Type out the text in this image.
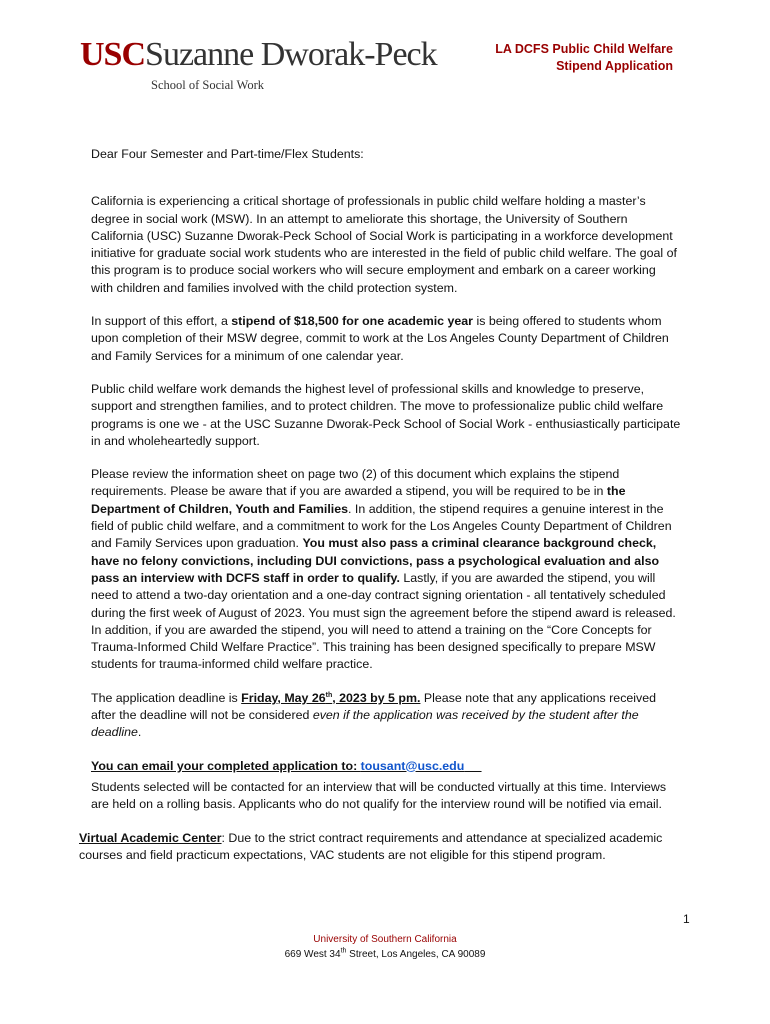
USCSuzanne Dworak-Peck
School of Social Work
LA DCFS Public Child Welfare
Stipend Application

Dear Four Semester and Part-time/Flex Students:

California is experiencing a critical shortage of professionals in public child welfare holding a master’s degree in social work (MSW). In an attempt to ameliorate this shortage, the University of Southern California (USC) Suzanne Dworak-Peck School of Social Work is participating in a workforce development initiative for graduate social work students who are interested in the field of public child welfare. The goal of this program is to produce social workers who will secure employment and embark on a career working with children and families involved with the child protection system.

In support of this effort, a stipend of $18,500 for one academic year is being offered to students whom upon completion of their MSW degree, commit to work at the Los Angeles County Department of Children and Family Services for a minimum of one calendar year.

Public child welfare work demands the highest level of professional skills and knowledge to preserve, support and strengthen families, and to protect children. The move to professionalize public child welfare programs is one we - at the USC Suzanne Dworak-Peck School of Social Work - enthusiastically participate in and wholeheartedly support.

Please review the information sheet on page two (2) of this document which explains the stipend requirements. Please be aware that if you are awarded a stipend, you will be required to be in the Department of Children, Youth and Families. In addition, the stipend requires a genuine interest in the field of public child welfare, and a commitment to work for the Los Angeles County Department of Children and Family Services upon graduation. You must also pass a criminal clearance background check, have no felony convictions, including DUI convictions, pass a psychological evaluation and also pass an interview with DCFS staff in order to qualify. Lastly, if you are awarded the stipend, you will need to attend a two-day orientation and a one-day contract signing orientation - all tentatively scheduled during the first week of August of 2023. You must sign the agreement before the stipend award is released. In addition, if you are awarded the stipend, you will need to attend a training on the “Core Concepts for Trauma-Informed Child Welfare Practice”. This training has been designed specifically to prepare MSW students for trauma-informed child welfare practice.

The application deadline is Friday, May 26th, 2023 by 5 pm. Please note that any applications received after the deadline will not be considered even if the application was received by the student after the deadline.

You can email your completed application to: tousant@usc.edu

Students selected will be contacted for an interview that will be conducted virtually at this time. Interviews are held on a rolling basis. Applicants who do not qualify for the interview round will be notified via email.

Virtual Academic Center: Due to the strict contract requirements and attendance at specialized academic courses and field practicum expectations, VAC students are not eligible for this stipend program.

1
University of Southern California
669 West 34th Street, Los Angeles, CA 90089
